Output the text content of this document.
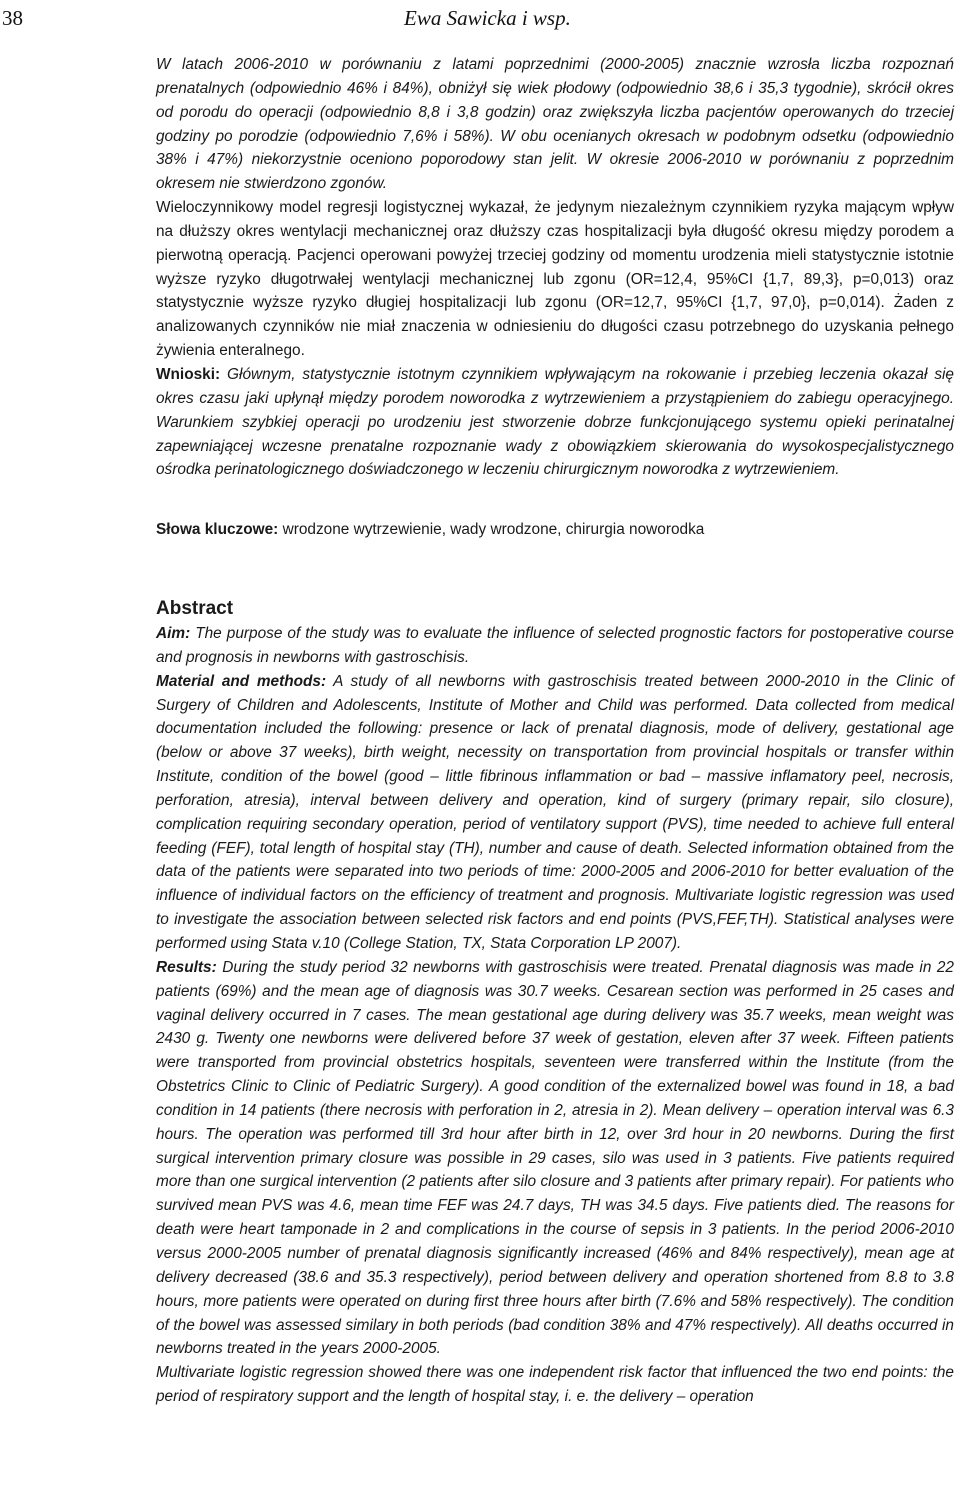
38	Ewa Sawicka i wsp.

W latach 2006-2010 w porównaniu z latami poprzednimi (2000-2005) znacznie wzrosła liczba rozpoznań prenatalnych (odpowiednio 46% i 84%), obniżył się wiek płodowy (odpowiednio 38,6 i 35,3 tygodnie), skrócił okres od porodu do operacji (odpowiednio 8,8 i 3,8 godzin) oraz zwiększyła liczba pacjentów operowanych do trzeciej godziny po porodzie (odpowiednio 7,6% i 58%). W obu ocenianych okresach w podobnym odsetku (odpowiednio 38% i 47%) niekorzystnie oceniono poporodowy stan jelit. W okresie 2006-2010 w porównaniu z poprzednim okresem nie stwierdzono zgonów.

Wieloczynnikowy model regresji logistycznej wykazał, że jedynym niezależnym czynnikiem ryzyka mającym wpływ na dłuższy okres wentylacji mechanicznej oraz dłuższy czas hospitalizacji była długość okresu między porodem a pierwotną operacją. Pacjenci operowani powyżej trzeciej godziny od momentu urodzenia mieli statystycznie istotnie wyższe ryzyko długotrwałej wentylacji mechanicznej lub zgonu (OR=12,4, 95%CI {1,7, 89,3}, p=0,013) oraz statystycznie wyższe ryzyko długiej hospitalizacji lub zgonu (OR=12,7, 95%CI {1,7, 97,0}, p=0,014). Żaden z analizowanych czynników nie miał znaczenia w odniesieniu do długości czasu potrzebnego do uzyskania pełnego żywienia enteralnego.

Wnioski: Głównym, statystycznie istotnym czynnikiem wpływającym na rokowanie i przebieg leczenia okazał się okres czasu jaki upłynął między porodem noworodka z wytrzewieniem a przystąpieniem do zabiegu operacyjnego. Warunkiem szybkiej operacji po urodzeniu jest stworzenie dobrze funkcjonującego systemu opieki perinatalnej zapewniającej wczesne prenatalne rozpoznanie wady z obowiązkiem skierowania do wysokospecjalistycznego ośrodka perinatologicznego doświadczonego w leczeniu chirurgicznym noworodka z wytrzewieniem.

Słowa kluczowe: wrodzone wytrzewienie, wady wrodzone, chirurgia noworodka
Abstract

Aim: The purpose of the study was to evaluate the influence of selected prognostic factors for postoperative course and prognosis in newborns with gastroschisis.

Material and methods: A study of all newborns with gastroschisis treated between 2000-2010 in the Clinic of Surgery of Children and Adolescents, Institute of Mother and Child was performed. Data collected from medical documentation included the following: presence or lack of prenatal diagnosis, mode of delivery, gestational age (below or above 37 weeks), birth weight, necessity on transportation from provincial hospitals or transfer within Institute, condition of the bowel (good – little fibrinous inflammation or bad – massive inflamatory peel, necrosis, perforation, atresia), interval between delivery and operation, kind of surgery (primary repair, silo closure), complication requiring secondary operation, period of ventilatory support (PVS), time needed to achieve full enteral feeding (FEF), total length of hospital stay (TH), number and cause of death. Selected information obtained from the data of the patients were separated into two periods of time: 2000-2005 and 2006-2010 for better evaluation of the influence of individual factors on the efficiency of treatment and prognosis. Multivariate logistic regression was used to investigate the association between selected risk factors and end points (PVS,FEF,TH). Statistical analyses were performed using Stata v.10 (College Station, TX, Stata Corporation LP 2007).

Results: During the study period 32 newborns with gastroschisis were treated. Prenatal diagnosis was made in 22 patients (69%) and the mean age of diagnosis was 30.7 weeks. Cesarean section was performed in 25 cases and vaginal delivery occurred in 7 cases. The mean gestational age during delivery was 35.7 weeks, mean weight was 2430 g. Twenty one newborns were delivered before 37 week of gestation, eleven after 37 week. Fifteen patients were transported from provincial obstetrics hospitals, seventeen were transferred within the Institute (from the Obstetrics Clinic to Clinic of Pediatric Surgery). A good condition of the externalized bowel was found in 18, a bad condition in 14 patients (there necrosis with perforation in 2, atresia in 2). Mean delivery – operation interval was 6.3 hours. The operation was performed till 3rd hour after birth in 12, over 3rd hour in 20 newborns. During the first surgical intervention primary closure was possible in 29 cases, silo was used in 3 patients. Five patients required more than one surgical intervention (2 patients after silo closure and 3 patients after primary repair). For patients who survived mean PVS was 4.6, mean time FEF was 24.7 days, TH was 34.5 days. Five patients died. The reasons for death were heart tamponade in 2 and complications in the course of sepsis in 3 patients. In the period 2006-2010 versus 2000-2005 number of prenatal diagnosis significantly increased (46% and 84% respectively), mean age at delivery decreased (38.6 and 35.3 respectively), period between delivery and operation shortened from 8.8 to 3.8 hours, more patients were operated on during first three hours after birth (7.6% and 58% respectively). The condition of the bowel was assessed similary in both periods (bad condition 38% and 47% respectively). All deaths occurred in newborns treated in the years 2000-2005.

Multivariate logistic regression showed there was one independent risk factor that influenced the two end points: the period of respiratory support and the length of hospital stay, i. e. the delivery – operation
